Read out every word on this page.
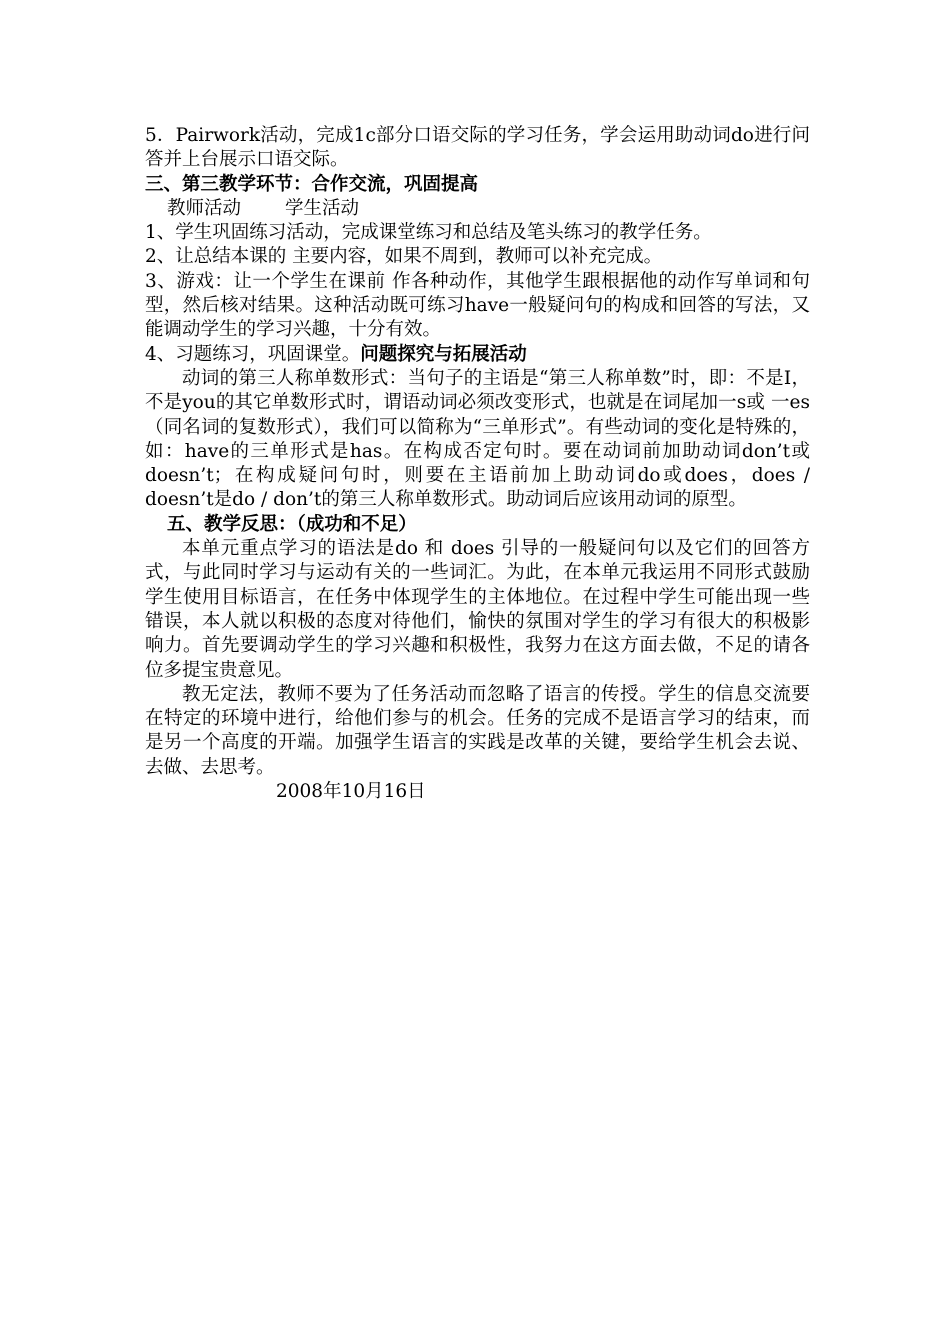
5．Pairwork活动，完成1c部分口语交际的学习任务，学会运用助动词do进行问答并上台展示口语交际。

三、第三教学环节：合作交流，巩固提高

教师活动 学生活动

1、学生巩固练习活动，完成课堂练习和总结及笔头练习的教学任务。

2、让总结本课的 主要内容，如果不周到，教师可以补充完成。

3、游戏：让一个学生在课前 作各种动作，其他学生跟根据他的动作写单词和句型，然后核对结果。这种活动既可练习have一般疑问句的构成和回答的写法，又能调动学生的学习兴趣，十分有效。

4、习题练习，巩固课堂。问题探究与拓展活动

动词的第三人称单数形式：当句子的主语是“第三人称单数”时，即：不是I，不是you的其它单数形式时，谓语动词必须改变形式，也就是在词尾加一s或 一es（同名词的复数形式），我们可以简称为“三单形式”。有些动词的变化是特殊的，如：have的三单形式是has。在构成否定句时。要在动词前加助动词don’t或doesn’t；在构成疑问句时，则要在主语前加上助动词do或does，does / doesn’t是do / don’t的第三人称单数形式。助动词后应该用动词的原型。

五、教学反思：（成功和不足）

本单元重点学习的语法是do 和 does 引导的一般疑问句以及它们的回答方式，与此同时学习与运动有关的一些词汇。为此，在本单元我运用不同形式鼓励学生使用目标语言，在任务中体现学生的主体地位。在过程中学生可能出现一些错误，本人就以积极的态度对待他们，愉快的氛围对学生的学习有很大的积极影响力。首先要调动学生的学习兴趣和积极性，我努力在这方面去做，不足的请各位多提宝贵意见。

教无定法，教师不要为了任务活动而忽略了语言的传授。学生的信息交流要在特定的环境中进行，给他们参与的机会。任务的完成不是语言学习的结束，而是另一个高度的开端。加强学生语言的实践是改革的关键，要给学生机会去说、去做、去思考。

2008年10月16日
